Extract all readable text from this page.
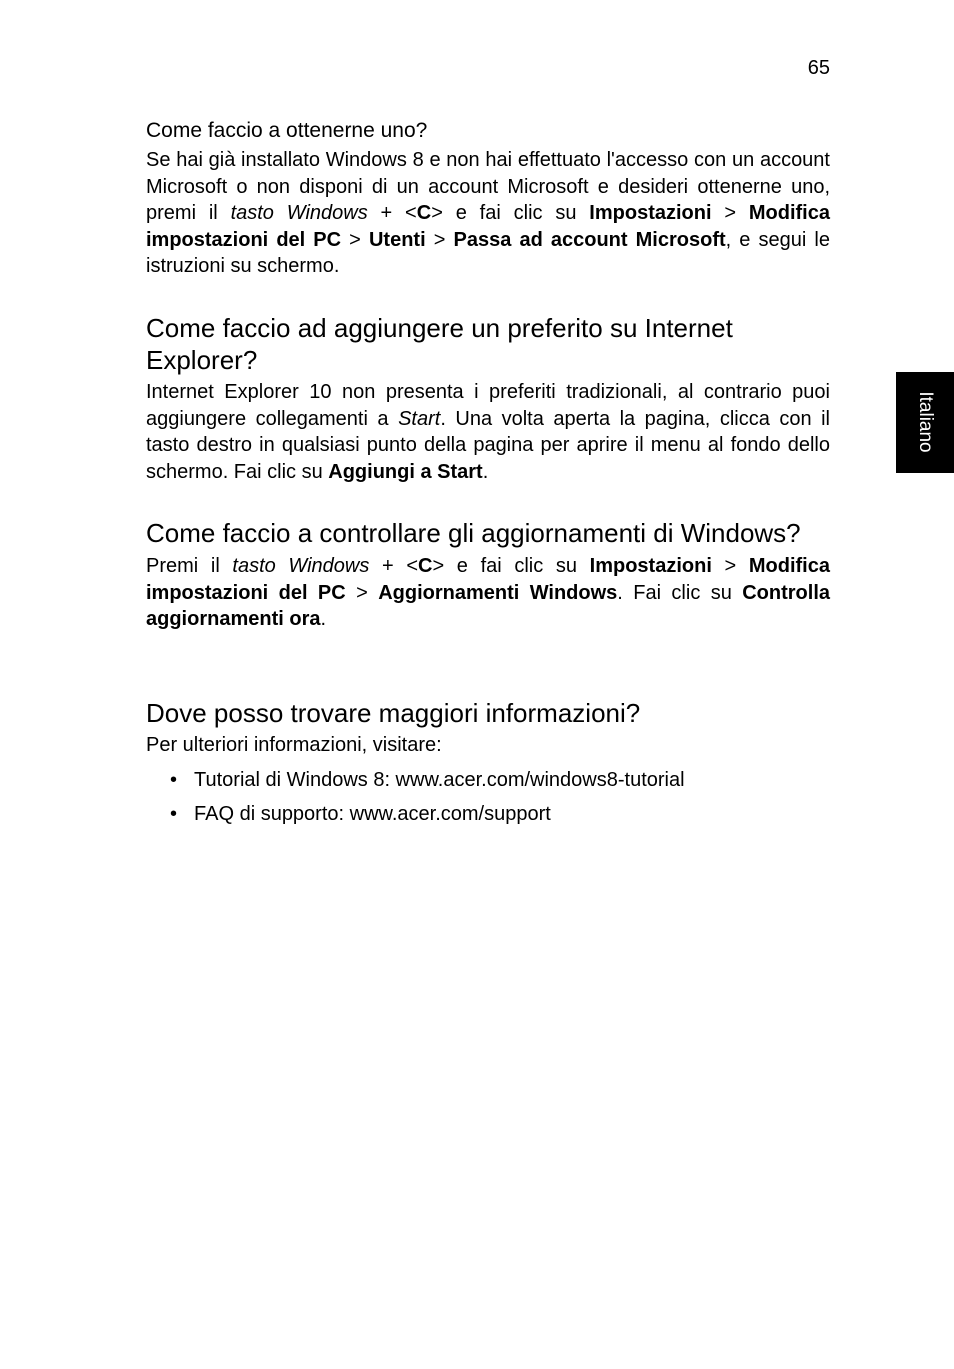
65
Italiano
Come faccio a ottenerne uno?

Se hai già installato Windows 8 e non hai effettuato l'accesso con un account Microsoft o non disponi di un account Microsoft e desideri ottenerne uno, premi il tasto Windows + <C> e fai clic su Impostazioni > Modifica impostazioni del PC > Utenti > Passa ad account Microsoft, e segui le istruzioni su schermo.

Come faccio ad aggiungere un preferito su Internet Explorer?

Internet Explorer 10 non presenta i preferiti tradizionali, al contrario puoi aggiungere collegamenti a Start. Una volta aperta la pagina, clicca con il tasto destro in qualsiasi punto della pagina per aprire il menu al fondo dello schermo. Fai clic su Aggiungi a Start.

Come faccio a controllare gli aggiornamenti di Windows?

Premi il tasto Windows + <C> e fai clic su Impostazioni > Modifica impostazioni del PC > Aggiornamenti Windows. Fai clic su Controlla aggiornamenti ora.

Dove posso trovare maggiori informazioni?

Per ulteriori informazioni, visitare:

• Tutorial di Windows 8: www.acer.com/windows8-tutorial
• FAQ di supporto: www.acer.com/support
